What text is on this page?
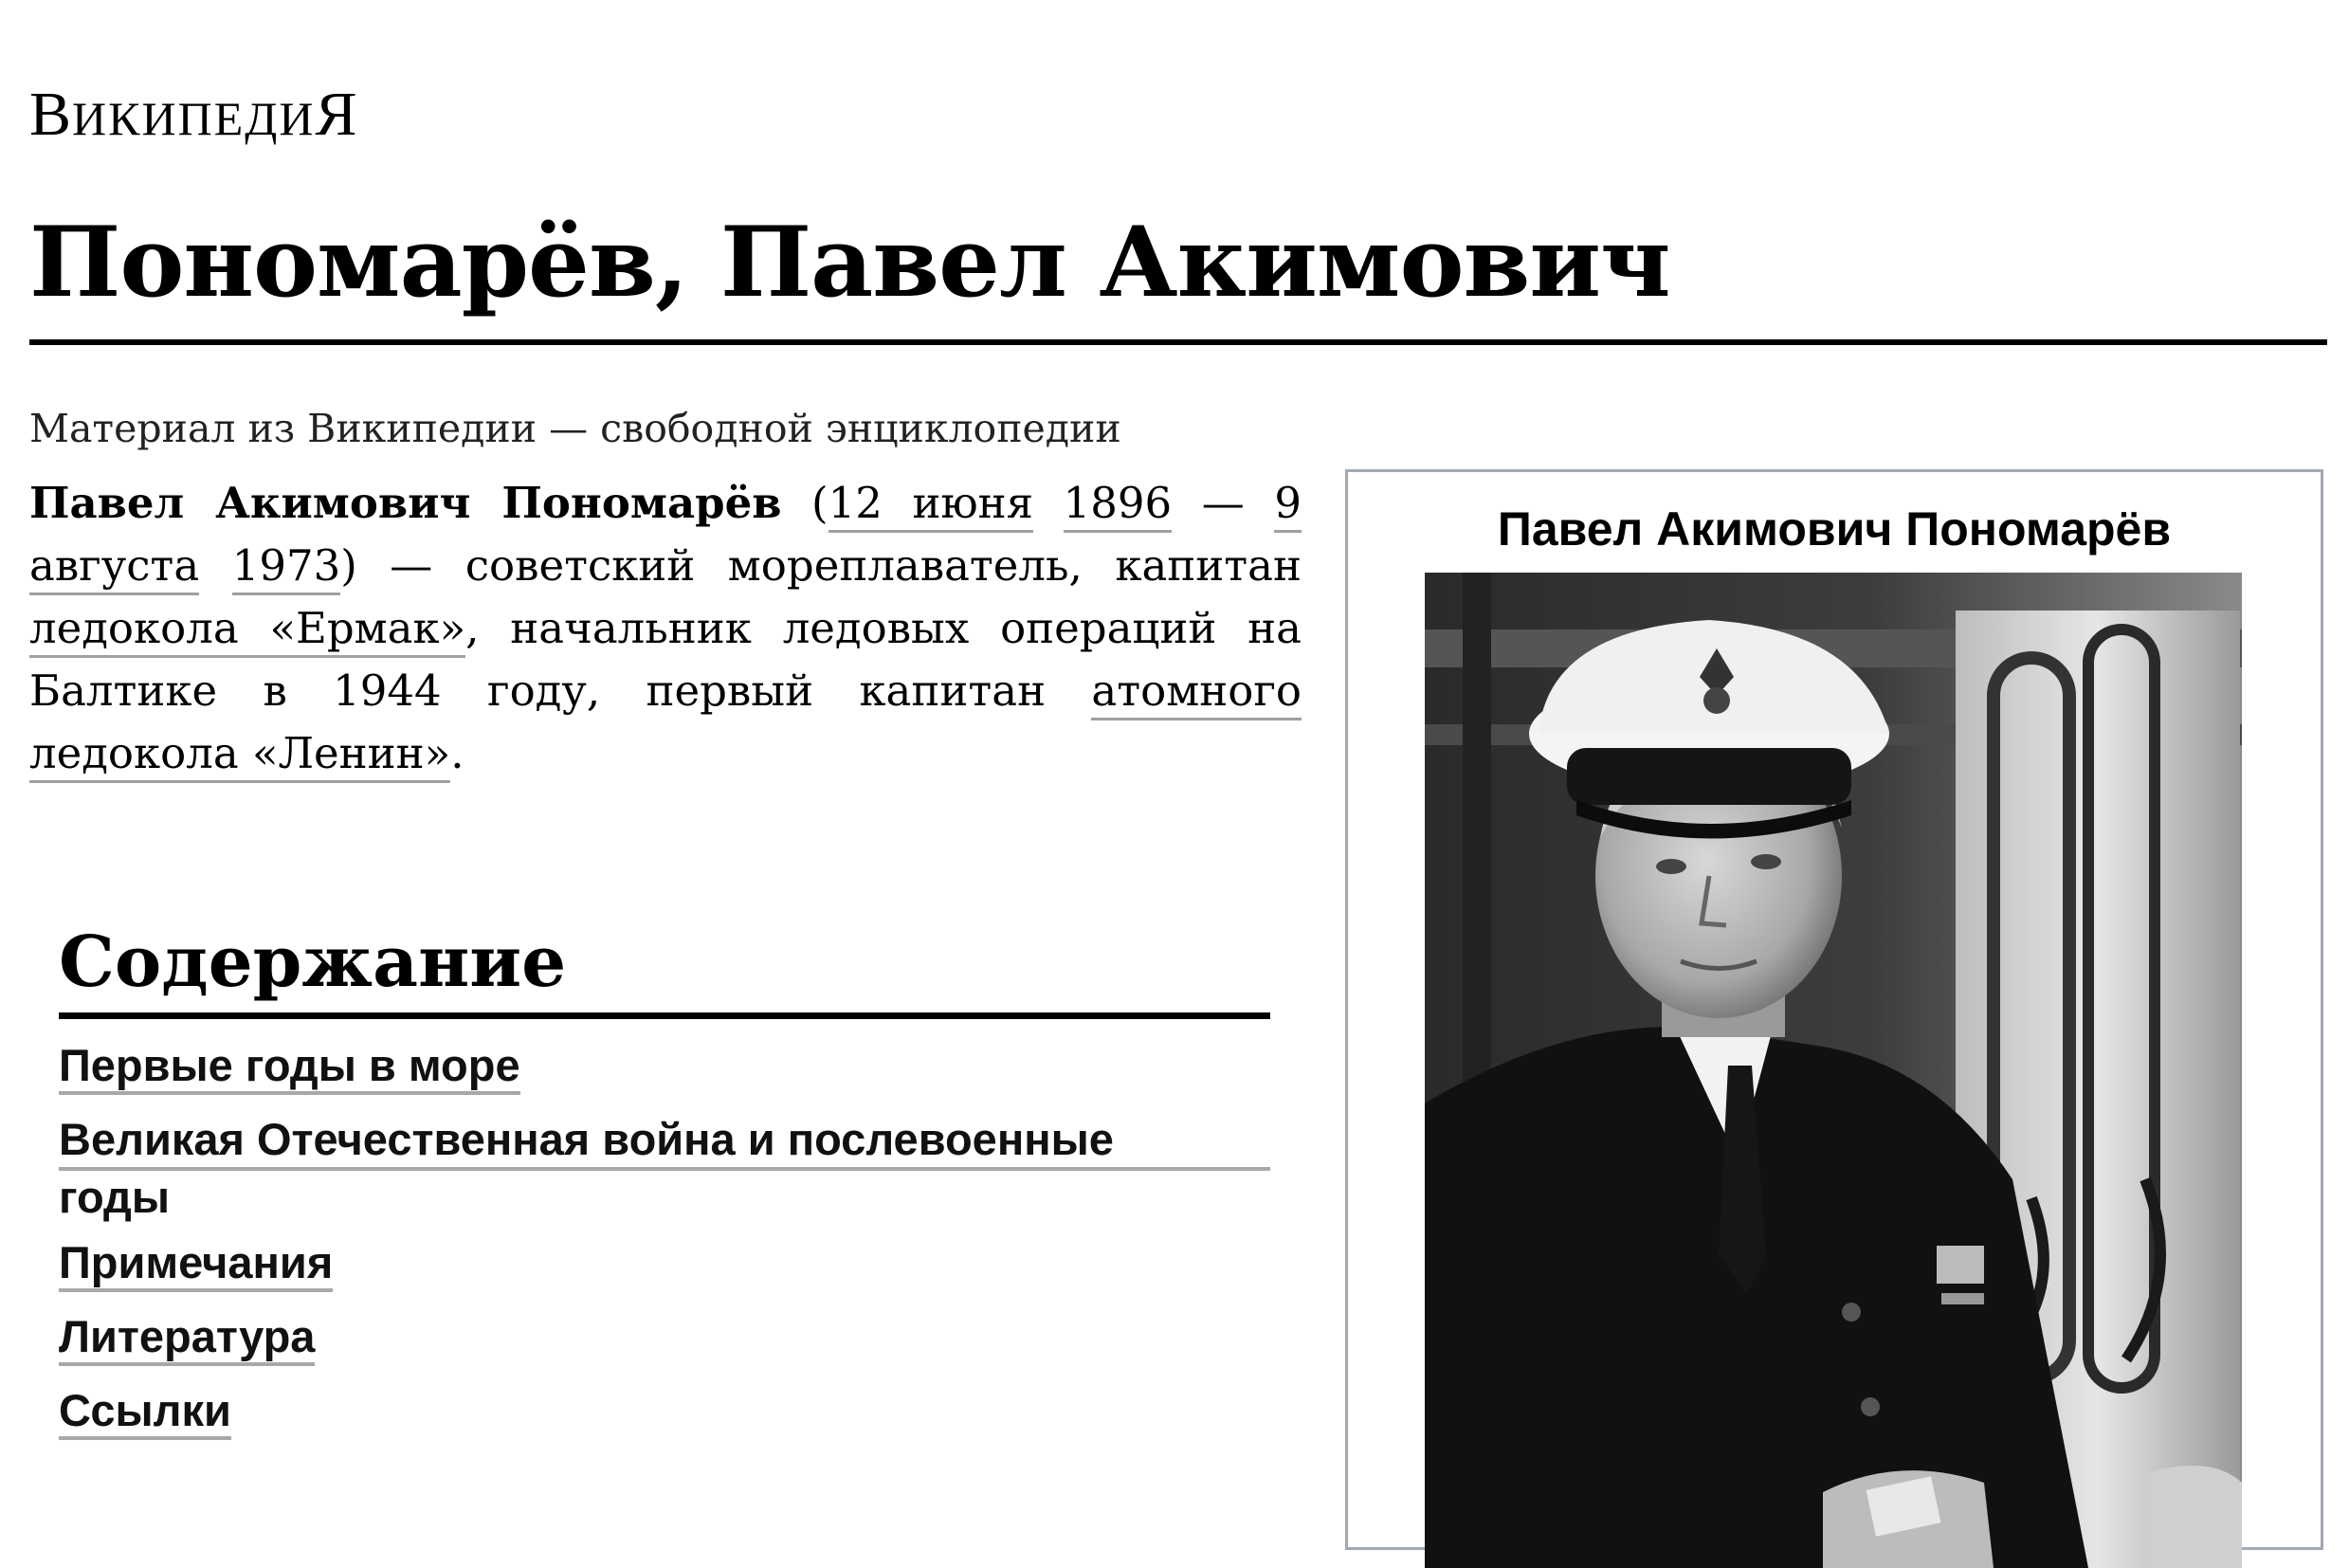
ВИКИПЕДИЯ
Пономарёв, Павел Акимович
Материал из Википедии — свободной энциклопедии

Павел Акимович Пономарёв (12 июня 1896 — 9 августа 1973) — советский мореплаватель, капитан ледокола «Ермак», начальник ледовых операций на Балтике в 1944 году, первый капитан атомного ледокола «Ленин».

Содержание
Первые годы в море
Великая Отечественная война и послевоенные
годы
Примечания
Литература
Ссылки
Павел Акимович Пономарёв
